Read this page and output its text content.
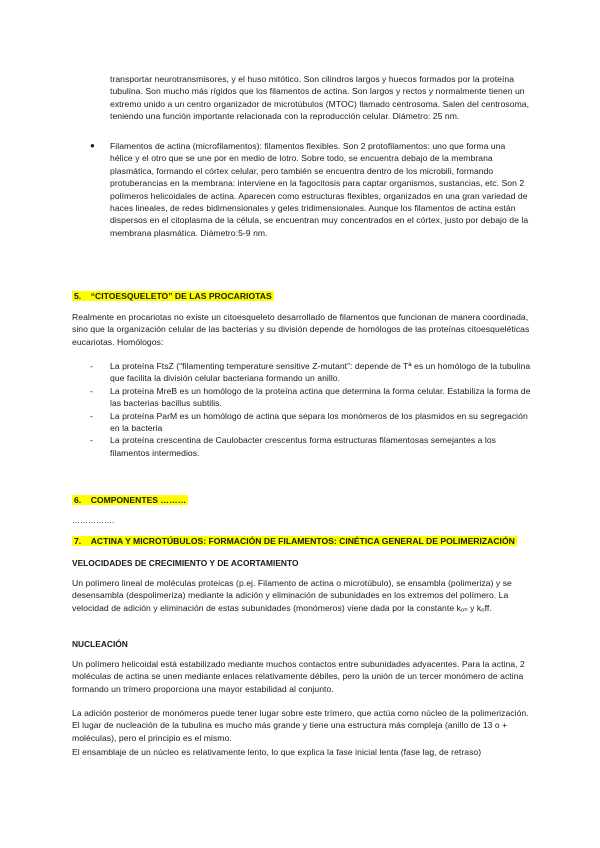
transportar neurotransmisores, y el huso mitótico. Son cilindros largos y huecos formados por la proteína tubulina. Son mucho más rígidos que los filamentos de actina. Son largos y rectos y normalmente tienen un extremo unido a un centro organizador de microtúbulos (MTOC) llamado centrosoma. Salen del centrosoma, teniendo una función importante relacionada con la reproducción celular. Diámetro: 25 nm.

●	Filamentos de actina (microfilamentos): filamentos flexibles. Son 2 protofilamentos: uno que forma una hélice y el otro que se une por en medio de lotro. Sobre todo, se encuentra debajo de la membrana plasmática, formando el córtex celular, pero también se encuentra dentro de los microbili, formando protuberancias en la membrana: interviene en la fagocitosis para captar organismos, sustancias, etc. Son 2 polímeros helicoidales de actina. Aparecen como estructuras flexibles, organizados en una gran variedad de haces lineales, de redes bidimensionales y geles tridimensionales. Aunque los filamentos de actina están dispersos en el citoplasma de la célula, se encuentran muy concentrados en el córtex, justo por debajo de la membrana plasmática. Diámetro:5-9 nm.

5.    “CITOESQUELETO” DE LAS PROCARIOTAS

Realmente en procariotas no existe un citoesqueleto desarrollado de filamentos que funcionan de manera coordinada, sino que la organización celular de las bacterias y su división depende de homólogos de las proteínas citoesqueléticas eucariotas. Homólogos:

- La proteína FtsZ (“filamenting temperature sensitive Z-mutant”: depende de Tª es un homólogo de la tubulina que facilita la división celular bacteriana formando un anillo.
- La proteína MreB es un homólogo de la proteína actina que determina la forma celular. Estabiliza la forma de las bacterias bacillus subtilis.
- La proteína ParM es un homólogo de actina que separa los monómeros de los plasmidos en su segregación en la bacteria
- La proteína crescentina de Caulobacter crescentus forma estructuras filamentosas semejantes a los filamentos intermedios.
6.    COMPONENTES ………
…………….
7.    ACTINA Y MICROTÚBULOS: FORMACIÓN DE FILAMENTOS: CINÉTICA GENERAL DE POLIMERIZACIÓN
VELOCIDADES DE CRECIMIENTO Y DE ACORTAMIENTO

Un polímero lineal de moléculas proteicas (p.ej. Filamento de actina o microtúbulo), se ensambla (polimeriza) y se desensambla (despolimeriza) mediante la adición y eliminación de subunidades en los extremos del polímero. La velocidad de adición y eliminación de estas subunidades (monómeros) viene dada por la constante kₒₙ y kₒff.

NUCLEACIÓN

Un polímero helicoidal está estabilizado mediante muchos contactos entre subunidades adyacentes. Para la actina, 2 moléculas de actina se unen mediante enlaces relativamente débiles, pero la unión de un tercer monómero de actina formando un trímero proporciona una mayor estabilidad al conjunto.

La adición posterior de monómeros puede tener lugar sobre este trímero, que actúa como núcleo de la polimerización. El lugar de nucleación de la tubulina es mucho más grande y tiene una estructura más compleja (anillo de 13 o + moléculas), pero el principio es el mismo.

El ensamblaje de un núcleo es relativamente lento, lo que explica la fase inicial lenta (fase lag, de retraso)
